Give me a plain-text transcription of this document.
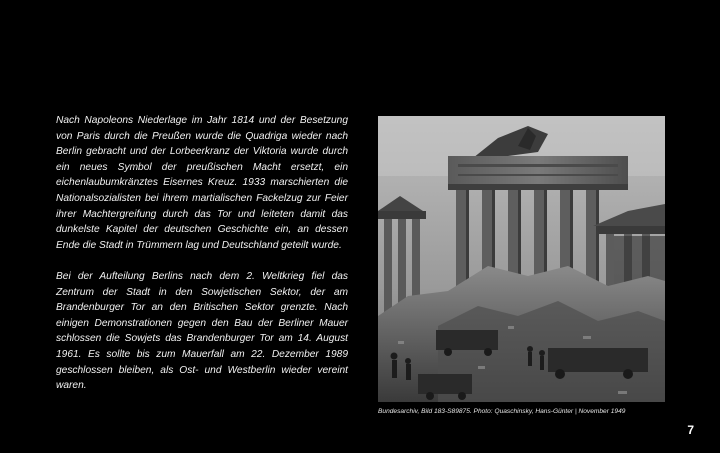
Nach Napoleons Niederlage im Jahr 1814 und der Besetzung von Paris durch die Preußen wurde die Quadriga wieder nach Berlin gebracht und der Lorbeerkranz der Viktoria wurde durch ein neues Symbol der preußischen Macht ersetzt, ein eichenlaubumkränztes Eisernes Kreuz. 1933 marschierten die Nationalsozialisten bei ihrem martialischen Fackelzug zur Feier ihrer Machtergreifung durch das Tor und leiteten damit das dunkelste Kapitel der deutschen Geschichte ein, an dessen Ende die Stadt in Trümmern lag und Deutschland geteilt wurde.

Bei der Aufteilung Berlins nach dem 2. Weltkrieg fiel das Zentrum der Stadt in den Sowjetischen Sektor, der am Brandenburger Tor an den Britischen Sektor grenzte. Nach einigen Demonstrationen gegen den Bau der Berliner Mauer schlossen die Sowjets das Brandenburger Tor am 14. August 1961. Es sollte bis zum Mauerfall am 22. Dezember 1989 geschlossen bleiben, als Ost- und Westberlin wieder vereint waren.

Bundesarchiv, Bild 183-S89875. Photo: Quaschinsky, Hans-Günter | November 1949

7
